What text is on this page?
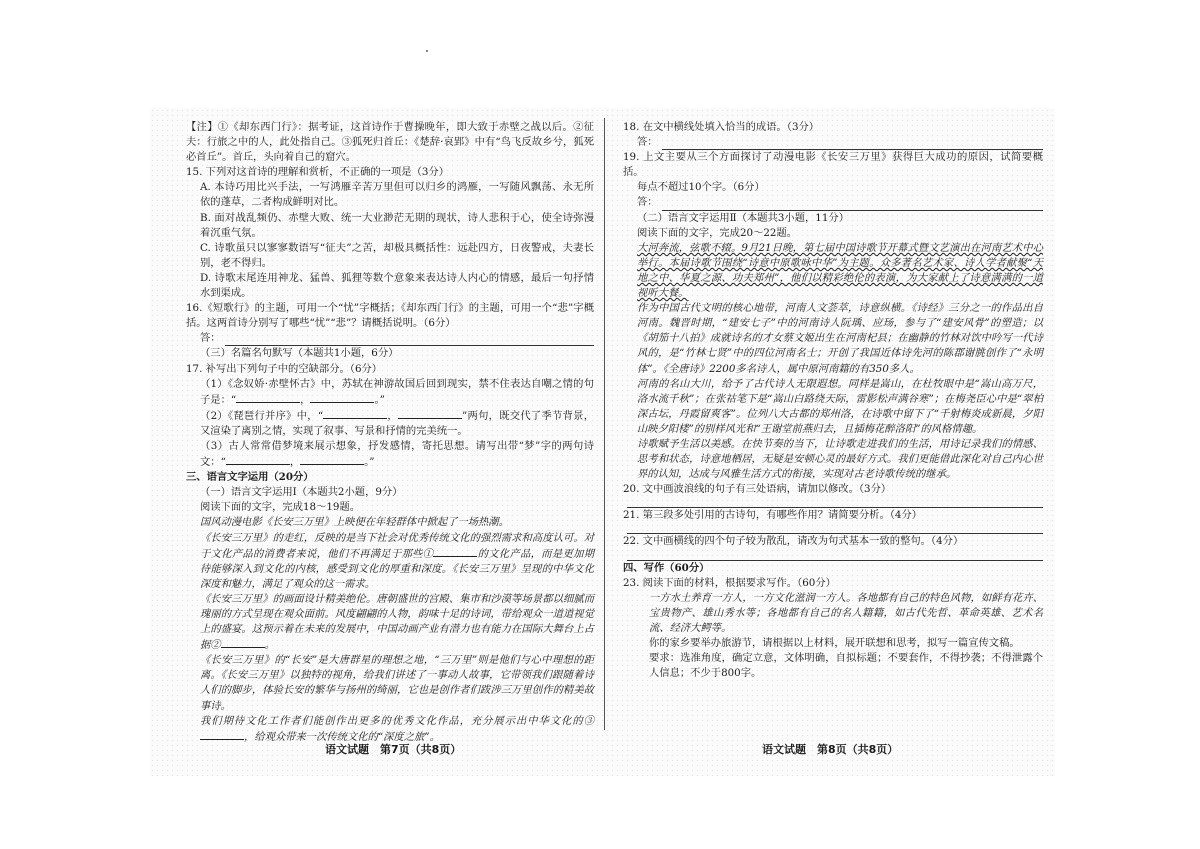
【注】①《却东西门行》：据考证，这首诗作于曹操晚年，即大致于赤壁之战以后。②征夫：行旅之中的人，此处指自己。③狐死归首丘：《楚辞·哀郢》中有“鸟飞反故乡兮，狐死必首丘”。首丘，头向着自己的窟穴。

15. 下列对这首诗的理解和赏析，不正确的一项是（3分）

A. 本诗巧用比兴手法，一写鸿雁辛苦万里但可以归乡的鸿雁，一写随风飘荡、永无所依的蓬草，二者构成鲜明对比。

B. 面对战乱频仍、赤壁大败、统一大业渺茫无期的现状，诗人悲积于心，使全诗弥漫着沉重气氛。

C. 诗歌虽只以寥寥数语写“征夫”之苦，却极具概括性：远赴四方，日夜警戒，夫妻长别，老不得归。

D. 诗歌末尾连用神龙、猛兽、狐狸等数个意象来表达诗人内心的情感，最后一句抒情水到渠成。

16.《短歌行》的主题，可用一个“忧”字概括；《却东西门行》的主题，可用一个“悲”字概括。这两首诗分别写了哪些“忧”“悲”？请概括说明。（6分）

答：

（三）名篇名句默写（本题共1小题，6分）

17. 补写出下列句子中的空缺部分。（6分）

（1）《念奴娇·赤壁怀古》中，苏轼在神游故国后回到现实，禁不住表达自嘲之情的句子是：“	，	。”

（2）《琵琶行并序》中，“	，	”两句，既交代了季节背景，又渲染了离别之情，实现了叙事、写景和抒情的完美统一。

（3）古人常常借梦境来展示想象，抒发感情，寄托思想。请写出带“梦”字的两句诗文：“	，	。”

三、语言文字运用（20分）

（一）语言文字运用Ⅰ（本题共2小题，9分）

阅读下面的文字，完成18～19题。

国风动漫电影《长安三万里》上映便在年轻群体中掀起了一场热潮。

《长安三万里》的走红，反映的是当下社会对优秀传统文化的强烈需求和高度认可。对于文化产品的消费者来说，他们不再满足于那些①	的文化产品，而是更加期待能够深入到文化的内核，感受到文化的厚重和深度。《长安三万里》呈现的中华文化深度和魅力，满足了观众的这一需求。

《长安三万里》的画面设计精美绝伦。唐朝盛世的宫殿、集市和沙漠等场景都以细腻而瑰丽的方式呈现在观众面前。风度翩翩的人物，韵味十足的诗词，带给观众一道道视觉上的盛宴。这预示着在未来的发展中，中国动画产业有潜力也有能力在国际大舞台上占据②	。

《长安三万里》的“长安”是大唐群星的理想之地，“三万里”则是他们与心中理想的距离。《长安三万里》以独特的视角，给我们讲述了一事动人故事，它带领我们跟随着诗人们的脚步，体验长安的繁华与扬州的绮丽，它也是创作者们跋涉三万里创作的精美故事诗。

我们期待文化工作者们能创作出更多的优秀文化作品，充分展示出中华文化的③，给观众带来一次传统文化的“深度之旅”。

18. 在文中横线处填入恰当的成语。（3分）

答：

19. 上文主要从三个方面探讨了动漫电影《长安三万里》获得巨大成功的原因，试简要概括。

每点不超过10个字。（6分）

答：

（二）语言文字运用Ⅱ（本题共3小题，11分）

阅读下面的文字，完成20～22题。

大河奔流，弦歌不辍。9月21日晚，第七届中国诗歌节开幕式暨文艺演出在河南艺术中心举行。本届诗歌节围绕“诗意中原歌咏中华”为主题。众多著名艺术家、诗人学者献聚“天地之中、华夏之源、功夫郑州”，他们以精彩绝伦的表演，为大家献上了诗意满满的一道视听大餐。

作为中国古代文明的核心地带，河南人文荟萃，诗意纵横。《诗经》三分之一的作品出自河南。魏晋时期，“建安七子”中的河南诗人阮瑀、应玚，参与了“建安风骨”的塑造；以《胡笳十八拍》成就诗名的才女蔡文姬出生在河南杞县；在幽静的竹林对饮中吟写一代诗风的，是“竹林七贤”中的四位河南名士；开创了我国近体诗先河的陈郡谢朓创作了“永明体”。《全唐诗》2200多名诗人，属中原河南籍的有350多人。

河南的名山大川，给予了古代诗人无限遐想。同样是嵩山，在杜牧眼中是“嵩山高万尺，洛水流千秋”；在张祜笔下是“嵩山白路绕天际，雷影松声满谷寒”；在梅尧臣心中是“翠柏深古坛，丹霞留爽客”。位列八大古都的郑州洛，在诗歌中留下了“千射梅炎成新晨，夕阳山映夕阳楼”的别样风光和“王谢堂前燕归去，且插梅花醉洛阳”的风格情趣。

诗歌赋予生活以美感。在快节奏的当下，让诗歌走进我们的生活，用诗记录我们的情感、思考和状态，诗意地栖居，无疑是安顿心灵的最好方式。我们更能借此深化对自己内心世界的认知，达成与风雅生活方式的衔接，实现对古老诗歌传统的继承。

20. 文中画波浪线的句子有三处语病，请加以修改。（3分）

21. 第三段多处引用的古诗句，有哪些作用？请简要分析。（4分）

22. 文中画横线的四个句子较为散乱，请改为句式基本一致的整句。（4分）

四、写作（60分）

23. 阅读下面的材料，根据要求写作。（60分）

一方水土养育一方人，一方文化滋润一方人。各地都有自己的特色风物，如鲜有花卉、宝贵物产、雄山秀水等；各地都有自己的名人籍籍，如古代先哲、革命英雄、艺术名流、经济大鳄等。

你的家乡要举办旅游节，请根据以上材料，展开联想和思考，拟写一篇宣传文稿。

要求：选准角度，确定立意，文体明确，自拟标题；不要套作，不得抄袭；不得泄露个人信息；不少于800字。

语文试题　第7页（共8页）	语文试题　第8页（共8页）
